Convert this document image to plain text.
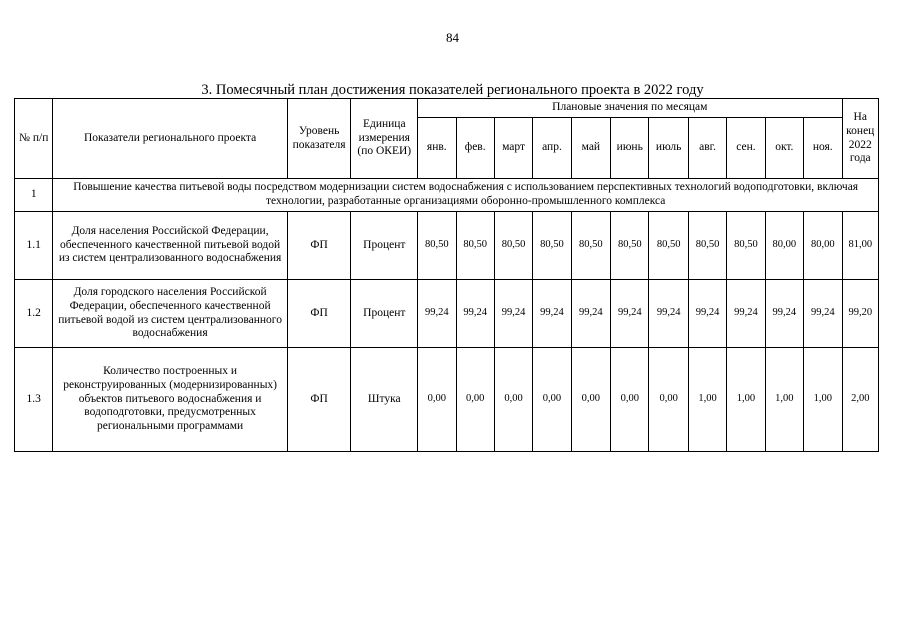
84
3. Помесячный план достижения показателей регионального проекта в 2022 году
№ п/п	Показатели регионального проекта	Уровень показателя	Единица измерения (по ОКЕИ)	Плановые значения по месяцам											На конец 2022 года
				янв.	фев.	март	апр.	май	июнь	июль	авг.	сен.	окт.	ноя.	
1	Повышение качества питьевой воды посредством модернизации систем водоснабжения с использованием перспективных технологий водоподготовки, включая технологии, разработанные организациями оборонно-промышленного комплекса														
1.1	Доля населения Российской Федерации, обеспеченного качественной питьевой водой из систем централизованного водоснабжения	ФП	Процент	80,50	80,50	80,50	80,50	80,50	80,50	80,50	80,50	80,50	80,00	80,00	81,00
1.2	Доля городского населения Российской Федерации, обеспеченного качественной питьевой водой из систем централизованного водоснабжения	ФП	Процент	99,24	99,24	99,24	99,24	99,24	99,24	99,24	99,24	99,24	99,24	99,24	99,20
1.3	Количество построенных и реконструированных (модернизированных) объектов питьевого водоснабжения и водоподготовки, предусмотренных региональными программами	ФП	Штука	0,00	0,00	0,00	0,00	0,00	0,00	0,00	1,00	1,00	1,00	1,00	2,00
